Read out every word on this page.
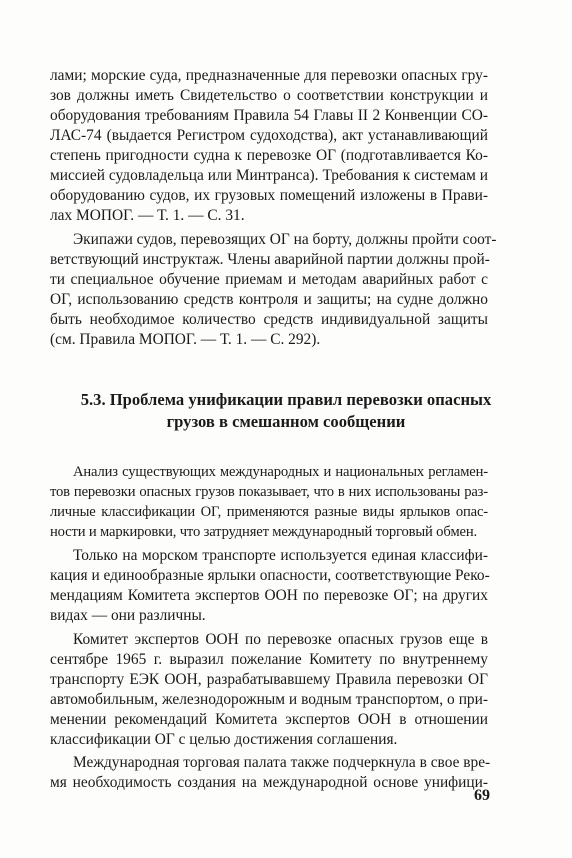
лами; морские суда, предназначенные для перевозки опасных гру-
зов должны иметь Свидетельство о соответствии конструкции и
оборудования требованиям Правила 54 Главы II 2 Конвенции СО-
ЛАС-74 (выдается Регистром судоходства), акт устанавливающий
степень пригодности судна к перевозке ОГ (подготавливается Ко-
миссией судовладельца или Минтранса). Требования к системам и
оборудованию судов, их грузовых помещений изложены в Прави-
лах МОПОГ. — Т. 1. — С. 31.
Экипажи судов, перевозящих ОГ на борту, должны пройти соот-
ветствующий инструктаж. Члены аварийной партии должны прой-
ти специальное обучение приемам и методам аварийных работ с
ОГ, использованию средств контроля и защиты; на судне должно
быть необходимое количество средств индивидуальной защиты
(см. Правила МОПОГ. — Т. 1. — С. 292).
5.3. Проблема унификации правил перевозки опасных
грузов в смешанном сообщении
Анализ существующих международных и национальных регламен-
тов перевозки опасных грузов показывает, что в них использованы раз-
личные классификации ОГ, применяются разные виды ярлыков опас-
ности и маркировки, что затрудняет международный торговый обмен.
Только на морском транспорте используется единая классифи-
кация и единообразные ярлыки опасности, соответствующие Реко-
мендациям Комитета экспертов ООН по перевозке ОГ; на других
видах — они различны.
Комитет экспертов ООН по перевозке опасных грузов еще в
сентябре 1965 г. выразил пожелание Комитету по внутреннему
транспорту ЕЭК ООН, разрабатывавшему Правила перевозки ОГ
автомобильным, железнодорожным и водным транспортом, о при-
менении рекомендаций Комитета экспертов ООН в отношении
классификации ОГ с целью достижения соглашения.
Международная торговая палата также подчеркнула в свое вре-
мя необходимость создания на международной основе унифици-
69
